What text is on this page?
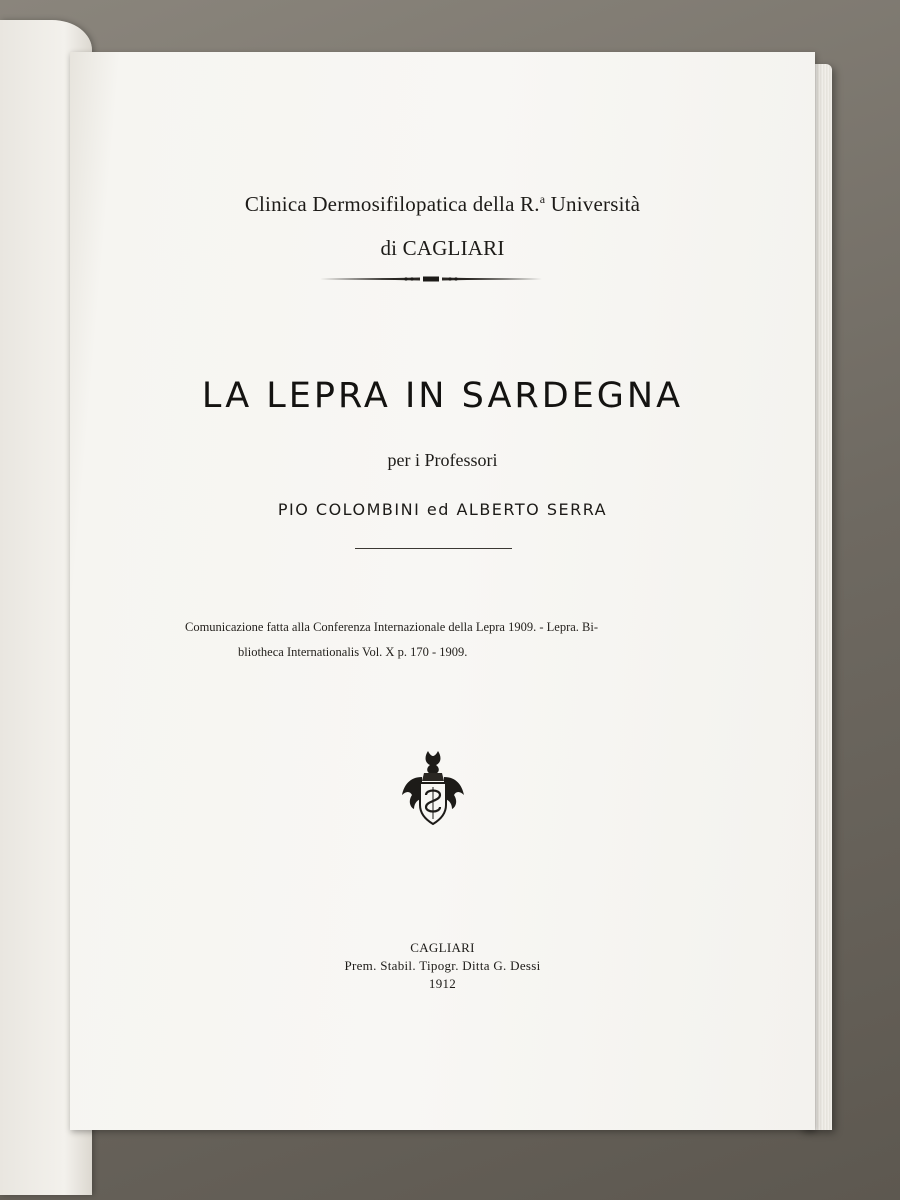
Clinica Dermosifilopatica della R.$^a$ Università
di CAGLIARI
LA LEPRA IN SARDEGNA
per i Professori
PIO COLOMBINI ed ALBERTO SERRA
Comunicazione fatta alla Conferenza Internazionale della Lepra 1909. - Lepra. Bi-
bliotheca Internationalis Vol. X p. 170 - 1909.
CAGLIARI
Prem. Stabil. Tipogr. Ditta G. Dessi
1912
